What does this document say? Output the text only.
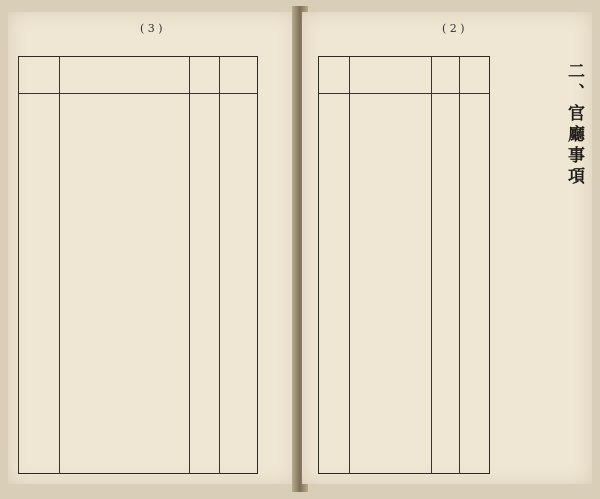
( 3 )	( 2 )
二、官廳事項
